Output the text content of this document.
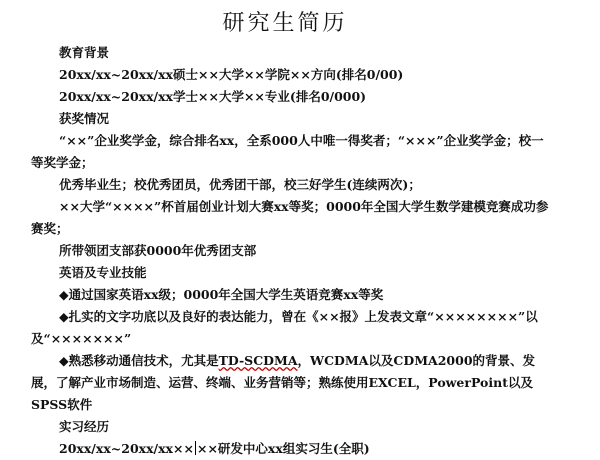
研究生简历

教育背景

20xx/xx~20xx/xx硕士××大学××学院××方向(排名0/00)

20xx/xx~20xx/xx学士××大学××专业(排名0/000)

获奖情况

“××”企业奖学金，综合排名xx，全系000人中唯一得奖者；“×××”企业奖学金；校一等奖学金；

优秀毕业生；校优秀团员，优秀团干部，校三好学生(连续两次)；

××大学“××××”杯首届创业计划大赛xx等奖；0000年全国大学生数学建模竞赛成功参赛奖；

所带领团支部获0000年优秀团支部

英语及专业技能

◆通过国家英语xx级；0000年全国大学生英语竞赛xx等奖

◆扎实的文字功底以及良好的表达能力，曾在《××报》上发表文章“××××××××”以及“×××××××”

◆熟悉移动通信技术，尤其是TD-SCDMA，WCDMA以及CDMA2000的背景、发展，了解产业市场制造、运营、终端、业务营销等；熟练使用EXCEL，PowerPoint以及SPSS软件

实习经历

20xx/xx~20xx/xx×× ××研发中心xx组实习生(全职)
